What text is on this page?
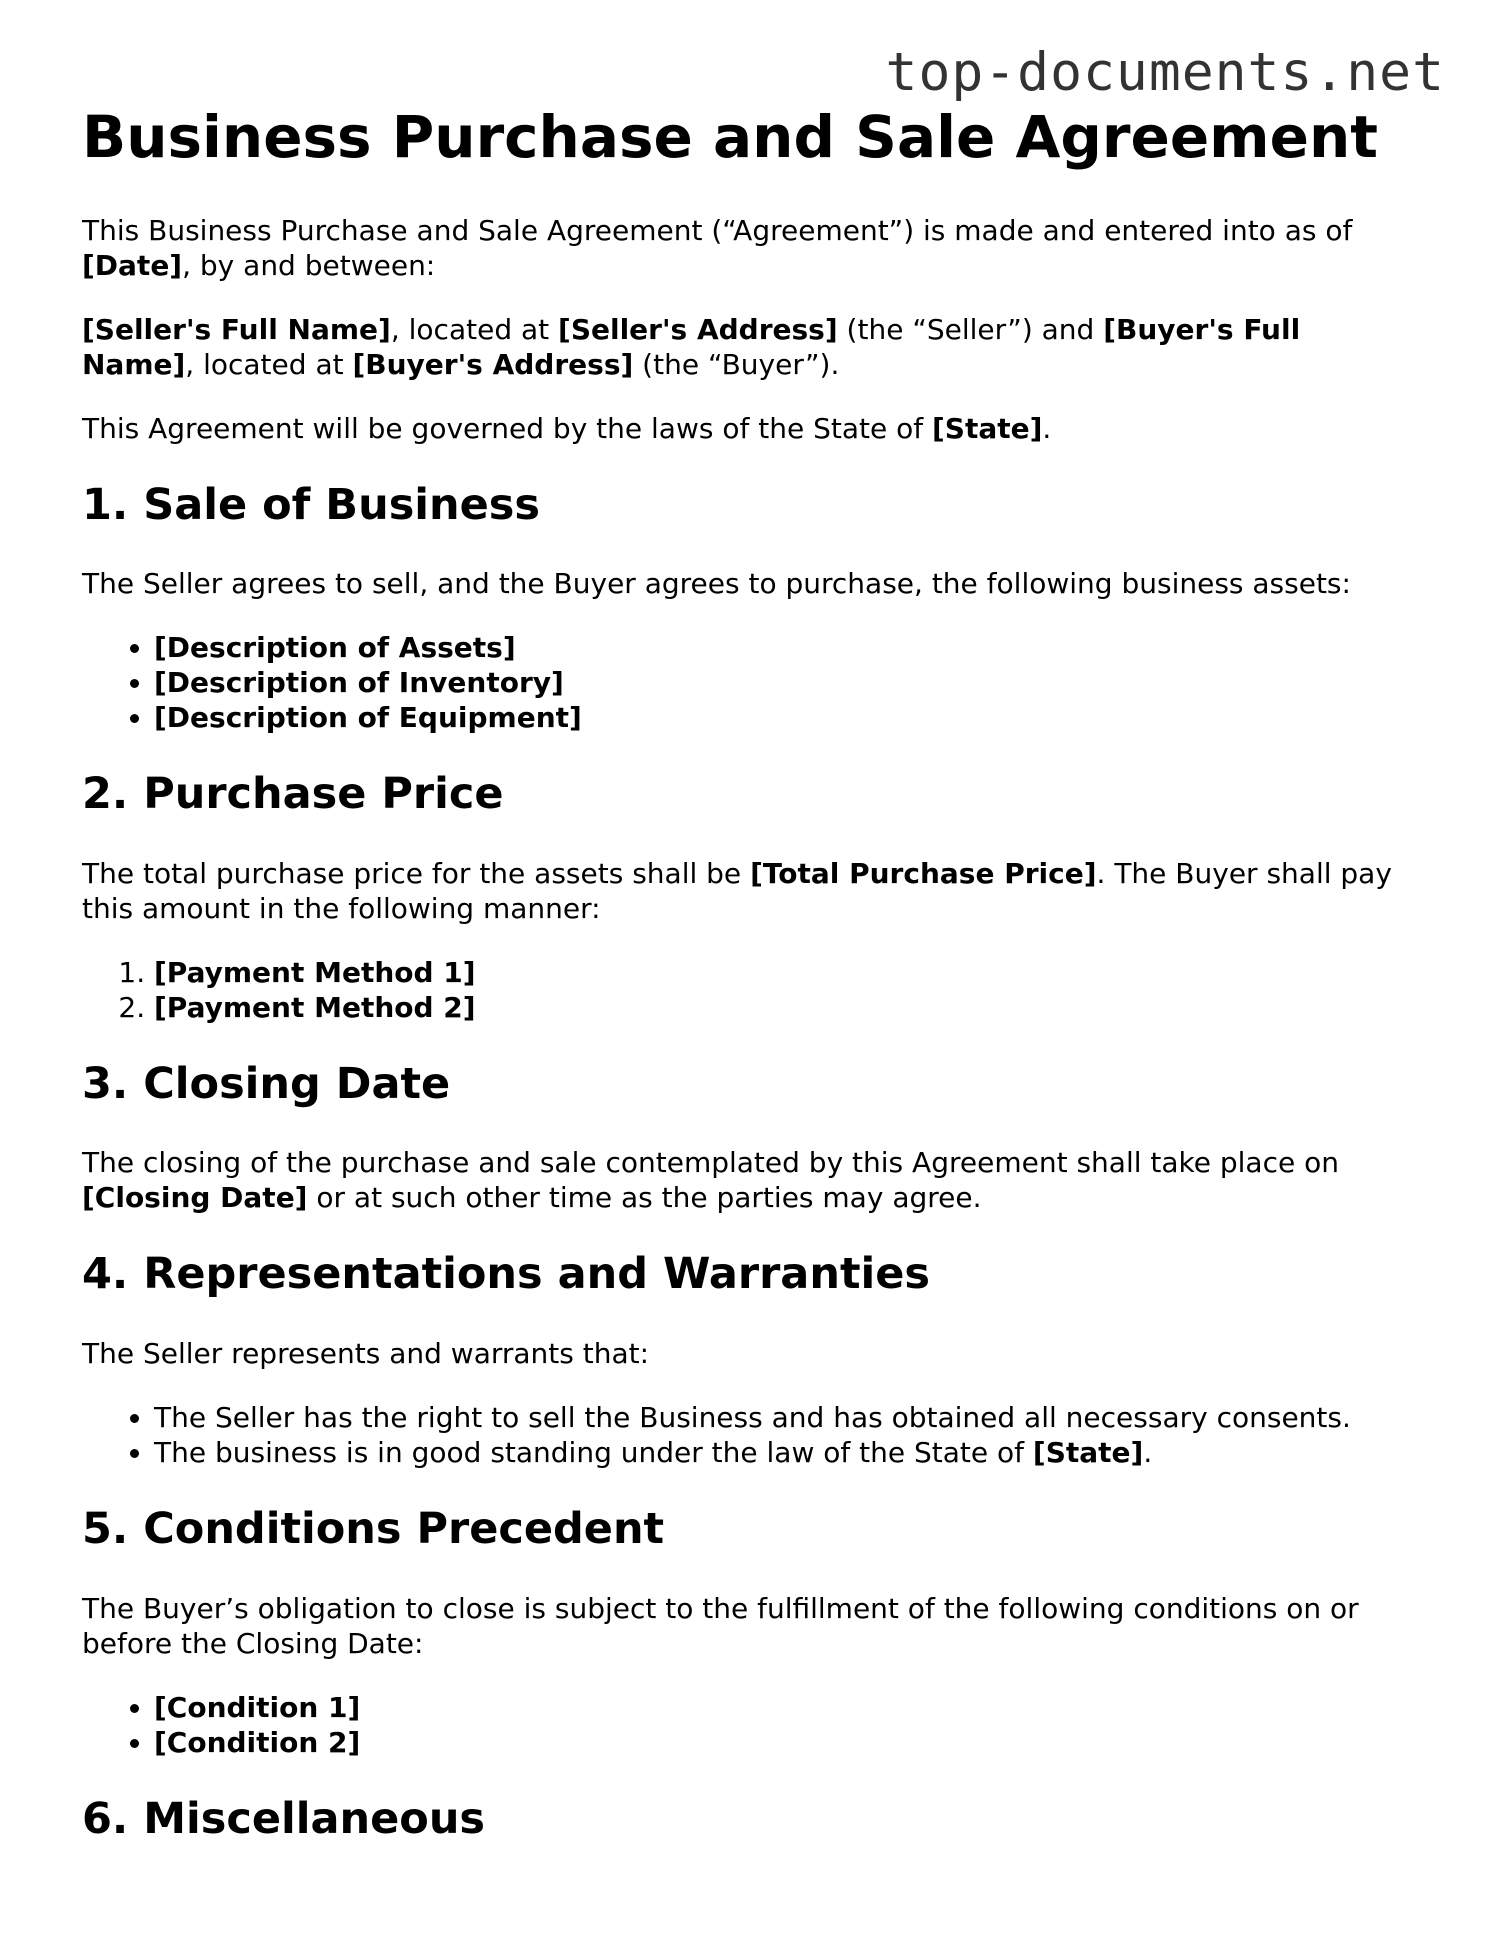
top-documents.net
Business Purchase and Sale Agreement

This Business Purchase and Sale Agreement (“Agreement”) is made and entered into as of [Date], by and between:

[Seller's Full Name], located at [Seller's Address] (the “Seller”) and [Buyer's Full Name], located at [Buyer's Address] (the “Buyer”).

This Agreement will be governed by the laws of the State of [State].

1. Sale of Business

The Seller agrees to sell, and the Buyer agrees to purchase, the following business assets:

• [Description of Assets]
• [Description of Inventory]
• [Description of Equipment]
2. Purchase Price

The total purchase price for the assets shall be [Total Purchase Price]. The Buyer shall pay this amount in the following manner:

1. [Payment Method 1]
2. [Payment Method 2]
3. Closing Date

The closing of the purchase and sale contemplated by this Agreement shall take place on [Closing Date] or at such other time as the parties may agree.

4. Representations and Warranties

The Seller represents and warrants that:

• The Seller has the right to sell the Business and has obtained all necessary consents.
• The business is in good standing under the law of the State of [State].
5. Conditions Precedent

The Buyer’s obligation to close is subject to the fulfillment of the following conditions on or before the Closing Date:

• [Condition 1]
• [Condition 2]
6. Miscellaneous
